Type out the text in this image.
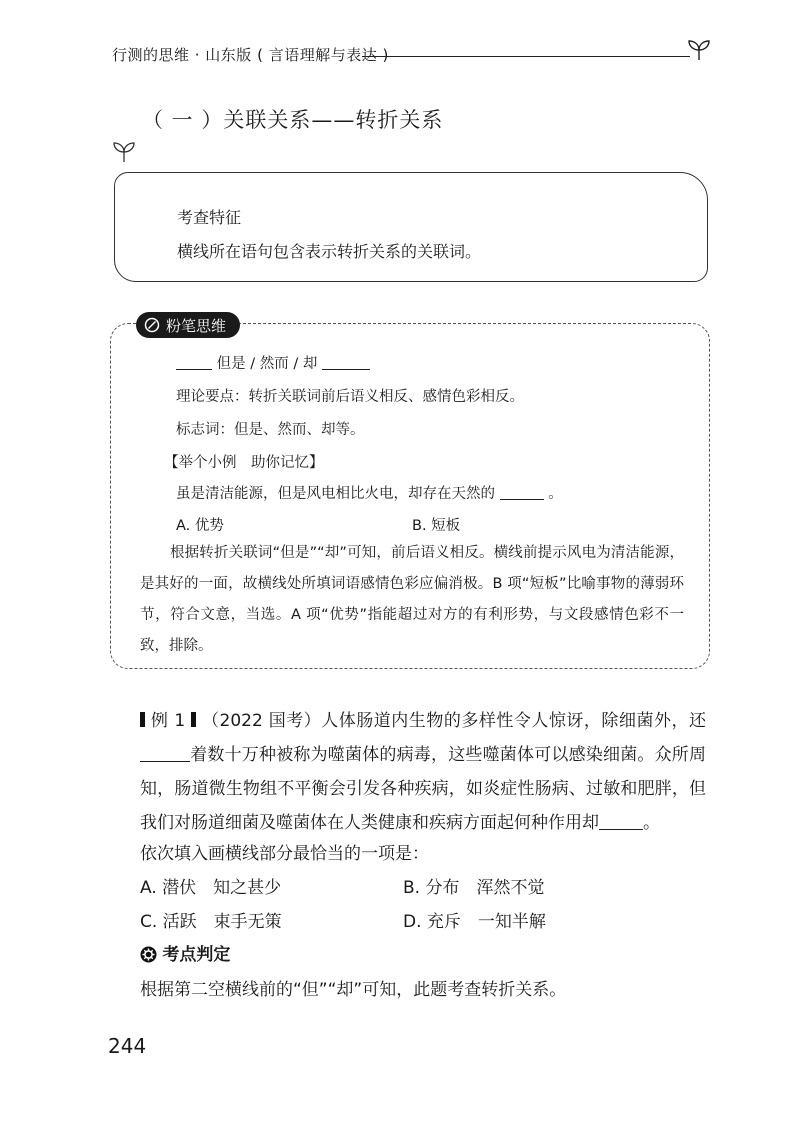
行测的思维 · 山东版 ( 言语理解与表达 )
（ 一 ）关联关系——转折关系
考查特征
横线所在语句包含表示转折关系的关联词。
粉笔思维
但是 / 然而 / 却
理论要点：转折关联词前后语义相反、感情色彩相反。
标志词：但是、然而、却等。
【举个小例　助你记忆】
虽是清洁能源，但是风电相比火电，却存在天然的	。
A. 优势	B. 短板
根据转折关联词“但是”“却”可知，前后语义相反。横线前提示风电为清洁能源，是其好的一面，故横线处所填词语感情色彩应偏消极。B 项“短板”比喻事物的薄弱环节，符合文意，当选。A 项“优势”指能超过对方的有利形势，与文段感情色彩不一致，排除。
例 1 （2022 国考）人体肠道内生物的多样性令人惊讶，除细菌外，还着数十万种被称为噬菌体的病毒，这些噬菌体可以感染细菌。众所周知，肠道微生物组不平衡会引发各种疾病，如炎症性肠病、过敏和肥胖，但我们对肠道细菌及噬菌体在人类健康和疾病方面起何种作用却	。
依次填入画横线部分最恰当的一项是：
A. 潜伏　知之甚少	B. 分布　浑然不觉
C. 活跃　束手无策	D. 充斥　一知半解
考点判定
根据第二空横线前的“但”“却”可知，此题考查转折关系。
244
